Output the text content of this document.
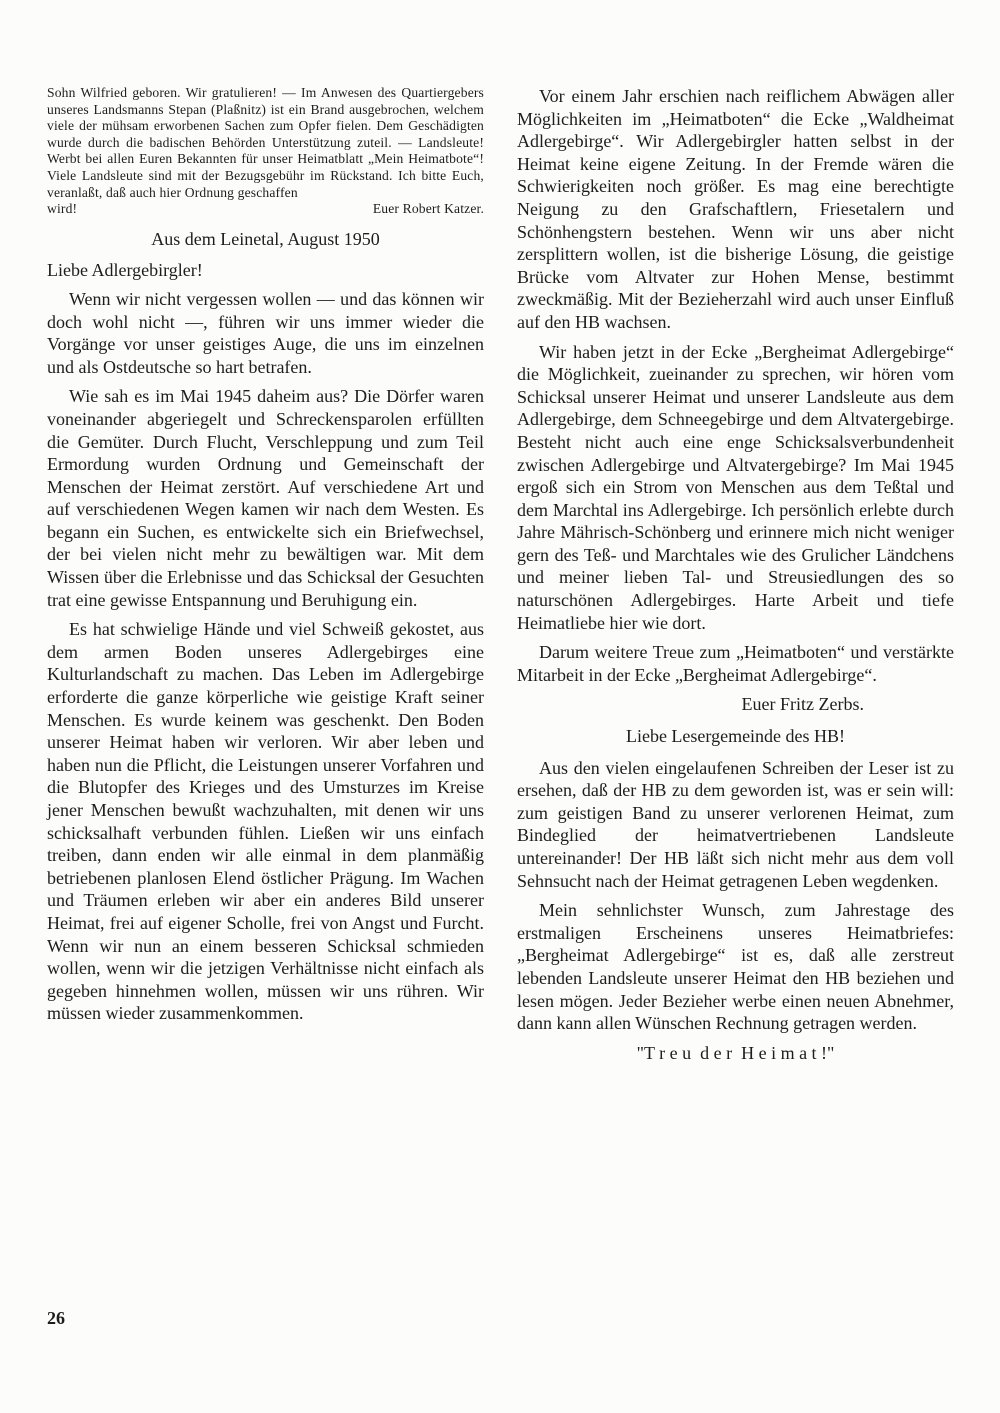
Sohn Wilfried geboren. Wir gratulieren! — Im Anwesen des Quartiergebers unseres Landsmanns Stepan (Plaßnitz) ist ein Brand ausgebrochen, welchem viele der mühsam erworbenen Sachen zum Opfer fielen. Dem Geschädigten wurde durch die badischen Behörden Unterstützung zuteil. — Landsleute! Werbt bei allen Euren Bekannten für unser Heimatblatt „Mein Heimatbote“! Viele Landsleute sind mit der Bezugsgebühr im Rückstand. Ich bitte Euch, veranlaßt, daß auch hier Ordnung geschaffen
wird!	Euer Robert Katzer.
Aus dem Leinetal, August 1950
Liebe Adlergebirgler!

Wenn wir nicht vergessen wollen — und das können wir doch wohl nicht —, führen wir uns immer wieder die Vorgänge vor unser geistiges Auge, die uns im einzelnen und als Ostdeutsche so hart betrafen.

Wie sah es im Mai 1945 daheim aus? Die Dörfer waren voneinander abgeriegelt und Schreckensparolen erfüllten die Gemüter. Durch Flucht, Verschleppung und zum Teil Ermordung wurden Ordnung und Gemeinschaft der Menschen der Heimat zerstört. Auf verschiedene Art und auf verschiedenen Wegen kamen wir nach dem Westen. Es begann ein Suchen, es entwickelte sich ein Briefwechsel, der bei vielen nicht mehr zu bewältigen war. Mit dem Wissen über die Erlebnisse und das Schicksal der Gesuchten trat eine gewisse Entspannung und Beruhigung ein.

Es hat schwielige Hände und viel Schweiß gekostet, aus dem armen Boden unseres Adlergebirges eine Kulturlandschaft zu machen. Das Leben im Adlergebirge erforderte die ganze körperliche wie geistige Kraft seiner Menschen. Es wurde keinem was geschenkt. Den Boden unserer Heimat haben wir verloren. Wir aber leben und haben nun die Pflicht, die Leistungen unserer Vorfahren und die Blutopfer des Krieges und des Umsturzes im Kreise jener Menschen bewußt wachzuhalten, mit denen wir uns schicksalhaft verbunden fühlen. Ließen wir uns einfach treiben, dann enden wir alle einmal in dem planmäßig betriebenen planlosen Elend östlicher Prägung. Im Wachen und Träumen erleben wir aber ein anderes Bild unserer Heimat, frei auf eigener Scholle, frei von Angst und Furcht. Wenn wir nun an einem besseren Schicksal schmieden wollen, wenn wir die jetzigen Verhältnisse nicht einfach als gegeben hinnehmen wollen, müssen wir uns rühren. Wir müssen wieder zusammenkommen.

Vor einem Jahr erschien nach reiflichem Abwägen aller Möglichkeiten im „Heimatboten“ die Ecke „Waldheimat Adlergebirge“. Wir Adlergebirgler hatten selbst in der Heimat keine eigene Zeitung. In der Fremde wären die Schwierigkeiten noch größer. Es mag eine berechtigte Neigung zu den Grafschaftlern, Friesetalern und Schönhengstern bestehen. Wenn wir uns aber nicht zersplittern wollen, ist die bisherige Lösung, die geistige Brücke vom Altvater zur Hohen Mense, bestimmt zweckmäßig. Mit der Bezieherzahl wird auch unser Einfluß auf den HB wachsen.

Wir haben jetzt in der Ecke „Bergheimat Adlergebirge“ die Möglichkeit, zueinander zu sprechen, wir hören vom Schicksal unserer Heimat und unserer Landsleute aus dem Adlergebirge, dem Schneegebirge und dem Altvatergebirge. Besteht nicht auch eine enge Schicksalsverbundenheit zwischen Adlergebirge und Altvatergebirge? Im Mai 1945 ergoß sich ein Strom von Menschen aus dem Teßtal und dem Marchtal ins Adlergebirge. Ich persönlich erlebte durch Jahre Mährisch-Schönberg und erinnere mich nicht weniger gern des Teß- und Marchtales wie des Grulicher Ländchens und meiner lieben Tal- und Streusiedlungen des so naturschönen Adlergebirges. Harte Arbeit und tiefe Heimatliebe hier wie dort.

Darum weitere Treue zum „Heimatboten“ und verstärkte Mitarbeit in der Ecke „Bergheimat Adlergebirge“.

Euer Fritz Zerbs.
Liebe Lesergemeinde des HB!

Aus den vielen eingelaufenen Schreiben der Leser ist zu ersehen, daß der HB zu dem geworden ist, was er sein will: zum geistigen Band zu unserer verlorenen Heimat, zum Bindeglied der heimatvertriebenen Landsleute untereinander! Der HB läßt sich nicht mehr aus dem voll Sehnsucht nach der Heimat getragenen Leben wegdenken.

Mein sehnlichster Wunsch, zum Jahrestage des erstmaligen Erscheinens unseres Heimatbriefes: „Bergheimat Adlergebirge“ ist es, daß alle zerstreut lebenden Landsleute unserer Heimat den HB beziehen und lesen mögen. Jeder Bezieher werbe einen neuen Abnehmer, dann kann allen Wünschen Rechnung getragen werden.

"T r e u  d e r  H e i m a t !"
26
